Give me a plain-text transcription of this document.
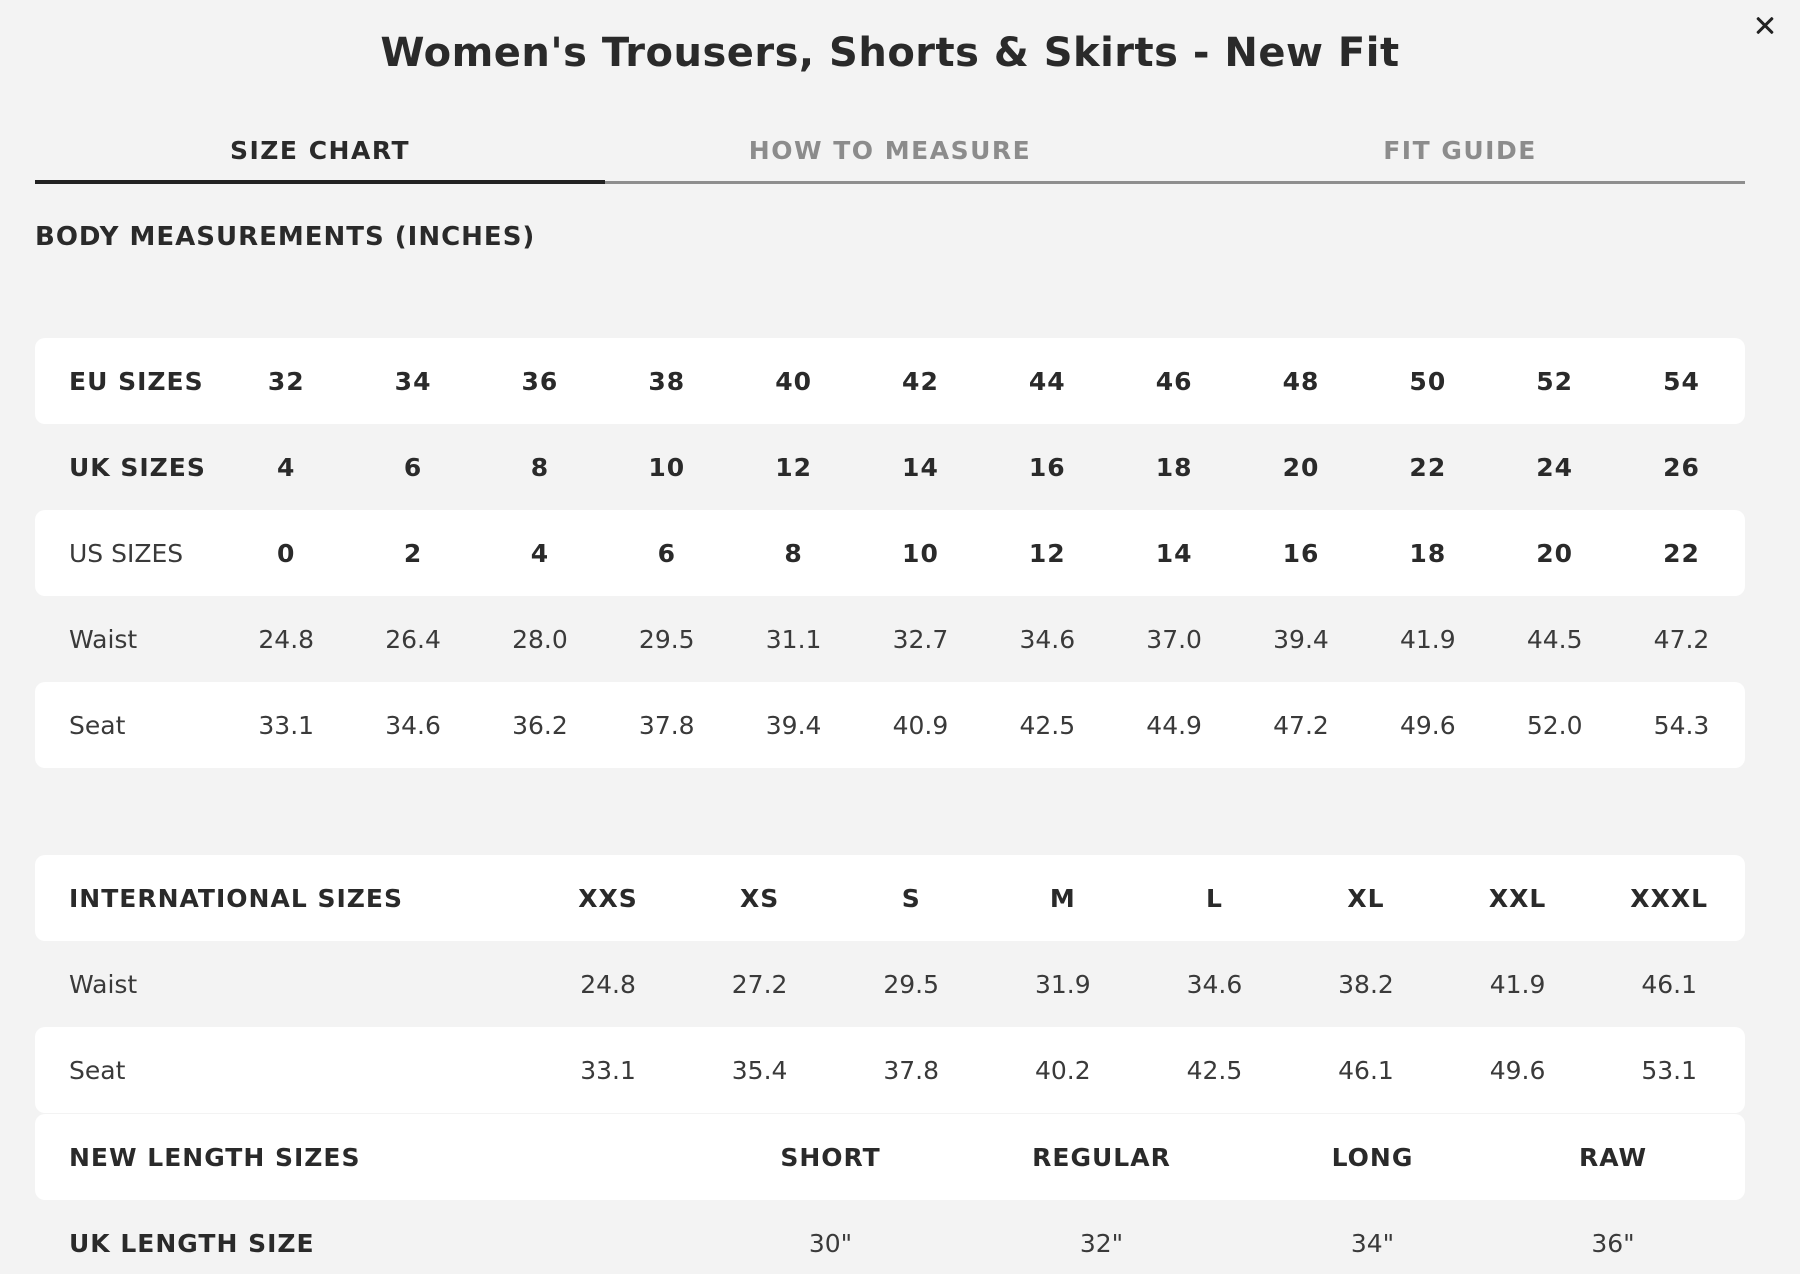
Women's Trousers, Shorts & Skirts - New Fit
SIZE CHART	HOW TO MEASURE	FIT GUIDE
BODY MEASUREMENTS (INCHES)
EU SIZES	32	34	36	38	40	42	44	46	48	50	52	54
UK SIZES	4	6	8	10	12	14	16	18	20	22	24	26
US SIZES	0	2	4	6	8	10	12	14	16	18	20	22
Waist	24.8	26.4	28.0	29.5	31.1	32.7	34.6	37.0	39.4	41.9	44.5	47.2
Seat	33.1	34.6	36.2	37.8	39.4	40.9	42.5	44.9	47.2	49.6	52.0	54.3
INTERNATIONAL SIZES	XXS	XS	S	M	L	XL	XXL	XXXL
Waist	24.8	27.2	29.5	31.9	34.6	38.2	41.9	46.1
Seat	33.1	35.4	37.8	40.2	42.5	46.1	49.6	53.1
NEW LENGTH SIZES	SHORT	REGULAR	LONG	RAW
UK LENGTH SIZE	30"	32"	34"	36"
